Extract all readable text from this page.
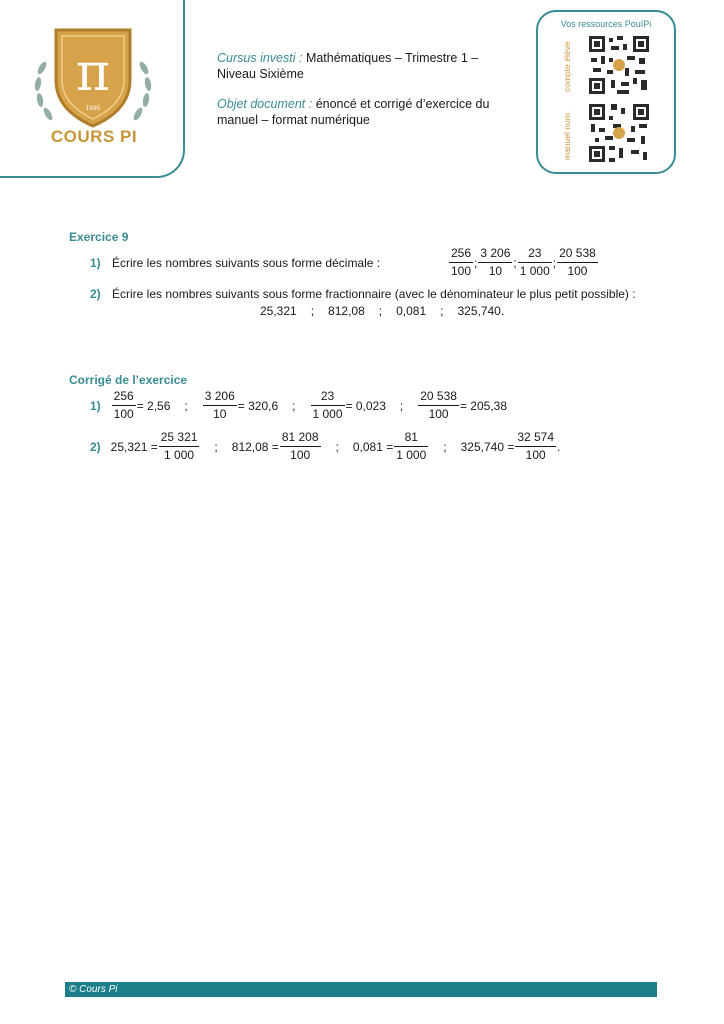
π
1995
COURS PI

Cursus investi : Mathématiques – Trimestre 1 – Niveau Sixième

Objet document : énoncé et corrigé d’exercice du manuel – format numérique

Vos ressources PouIPi
compte élève
manuel num.
Exercice 9
1) Écrire les nombres suivants sous forme décimale :	$\frac{256}{100}$ ; $\frac{3 206}{10}$ ; $\frac{23}{1 000}$ ; $\frac{20 538}{100}$
2) Écrire les nombres suivants sous forme fractionnaire (avec le dénominateur le plus petit possible) :
25,321 ; 812,08 ; 0,081 ; 325,740 .
Corrigé de l’exercice
$1) \frac{256}{100} = 2,56$ ; $\frac{3 206}{10} = 320,6$ ; $\frac{23}{1 000} = 0,023$ ; $\frac{20 538}{100} = 205,38$
2) $25,321 = \frac{25 321}{1 000}$ ; $812,08 = \frac{81 208}{100}$ ; $0,081 = \frac{81}{1 000}$ ; $325,740 = \frac{32 574}{100}$ .
© Cours Pi
